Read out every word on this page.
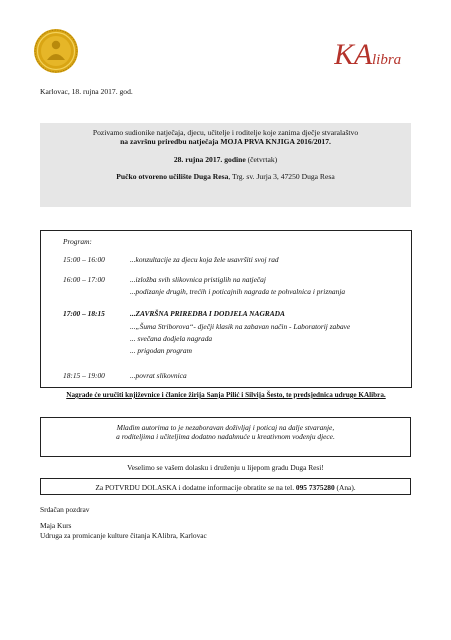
KA libra
Karlovac, 18. rujna 2017. god.
Pozivamo sudionike natječaja, djecu, učitelje i roditelje koje zanima dječje stvaralaštvo
na završnu priredbu natječaja MOJA PRVA KNJIGA 2016/2017.
28. rujna 2017. godine (četvrtak)
Pučko otvoreno učilište Duga Resa, Trg. sv. Jurja 3, 47250 Duga Resa
Program:
15:00 – 16:00	...konzultacije za djecu koja žele usavršiti svoj rad
16:00 – 17:00	...izložba svih slikovnica pristiglih na natječaj
...podizanje drugih, trećih i poticajnih nagrada te pohvalnica i priznanja
17:00 – 18:15	...ZAVRŠNA PRIREDBA I DODJELA NAGRADA
...„Šuma Striborova“- dječji klasik na zabavan način - Laboratorij zabave
... svečana dodjela nagrada
... prigodan program
18:15 – 19:00	...povrat slikovnica
Nagrade će uručiti književnice i članice žirija Sanja Pilić i Silvija Šesto, te predsjednica udruge KAlibra.
Mladim autorima to je nezaboravan doživljaj i poticaj na dalje stvaranje,
a roditeljima i učiteljima dodatno nadahnuće u kreativnom vođenju djece.
Veselimo se vašem dolasku i druženju u lijepom gradu Duga Resi!
Za POTVRDU DOLASKA i dodatne informacije obratite se na tel. 095 7375280 (Ana).
Srdačan pozdrav
Maja Kurs
Udruga za promicanje kulture čitanja KAlibra, Karlovac
